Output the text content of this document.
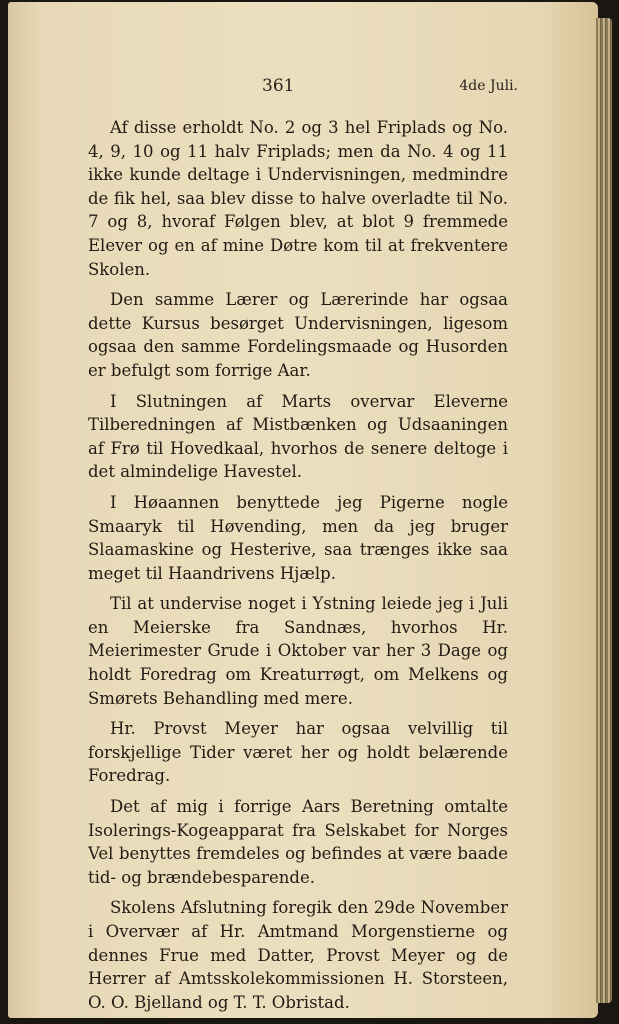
361	4de Juli.

Af disse erholdt No. 2 og 3 hel Friplads og No. 4, 9, 10 og 11 halv Friplads; men da No. 4 og 11 ikke kunde deltage i Undervisningen, medmindre de fik hel, saa blev disse to halve overladte til No. 7 og 8, hvoraf Følgen blev, at blot 9 fremmede Elever og en af mine Døtre kom til at frekventere Skolen.

Den samme Lærer og Lærerinde har ogsaa dette Kursus besørget Undervisningen, ligesom ogsaa den samme Fordelingsmaade og Husorden er befulgt som forrige Aar.

I Slutningen af Marts overvar Eleverne Tilberedningen af Mistbænken og Udsaaningen af Frø til Hovedkaal, hvorhos de senere deltoge i det almindelige Havestel.

I Høaannen benyttede jeg Pigerne nogle Smaaryk til Høvending, men da jeg bruger Slaamaskine og Hesterive, saa trænges ikke saa meget til Haandrivens Hjælp.

Til at undervise noget i Ystning leiede jeg i Juli en Meierske fra Sandnæs, hvorhos Hr. Meierimester Grude i Oktober var her 3 Dage og holdt Foredrag om Kreaturrøgt, om Melkens og Smørets Behandling med mere.

Hr. Provst Meyer har ogsaa velvillig til forskjellige Tider været her og holdt belærende Foredrag.

Det af mig i forrige Aars Beretning omtalte Isolerings-Kogeapparat fra Selskabet for Norges Vel benyttes fremdeles og befindes at være baade tid- og brændebesparende.

Skolens Afslutning foregik den 29de November i Overvær af Hr. Amtmand Morgenstierne og dennes Frue med Datter, Provst Meyer og de Herrer af Amtsskolekommissionen H. Storsteen, O. O. Bjelland og T. T. Obristad.
